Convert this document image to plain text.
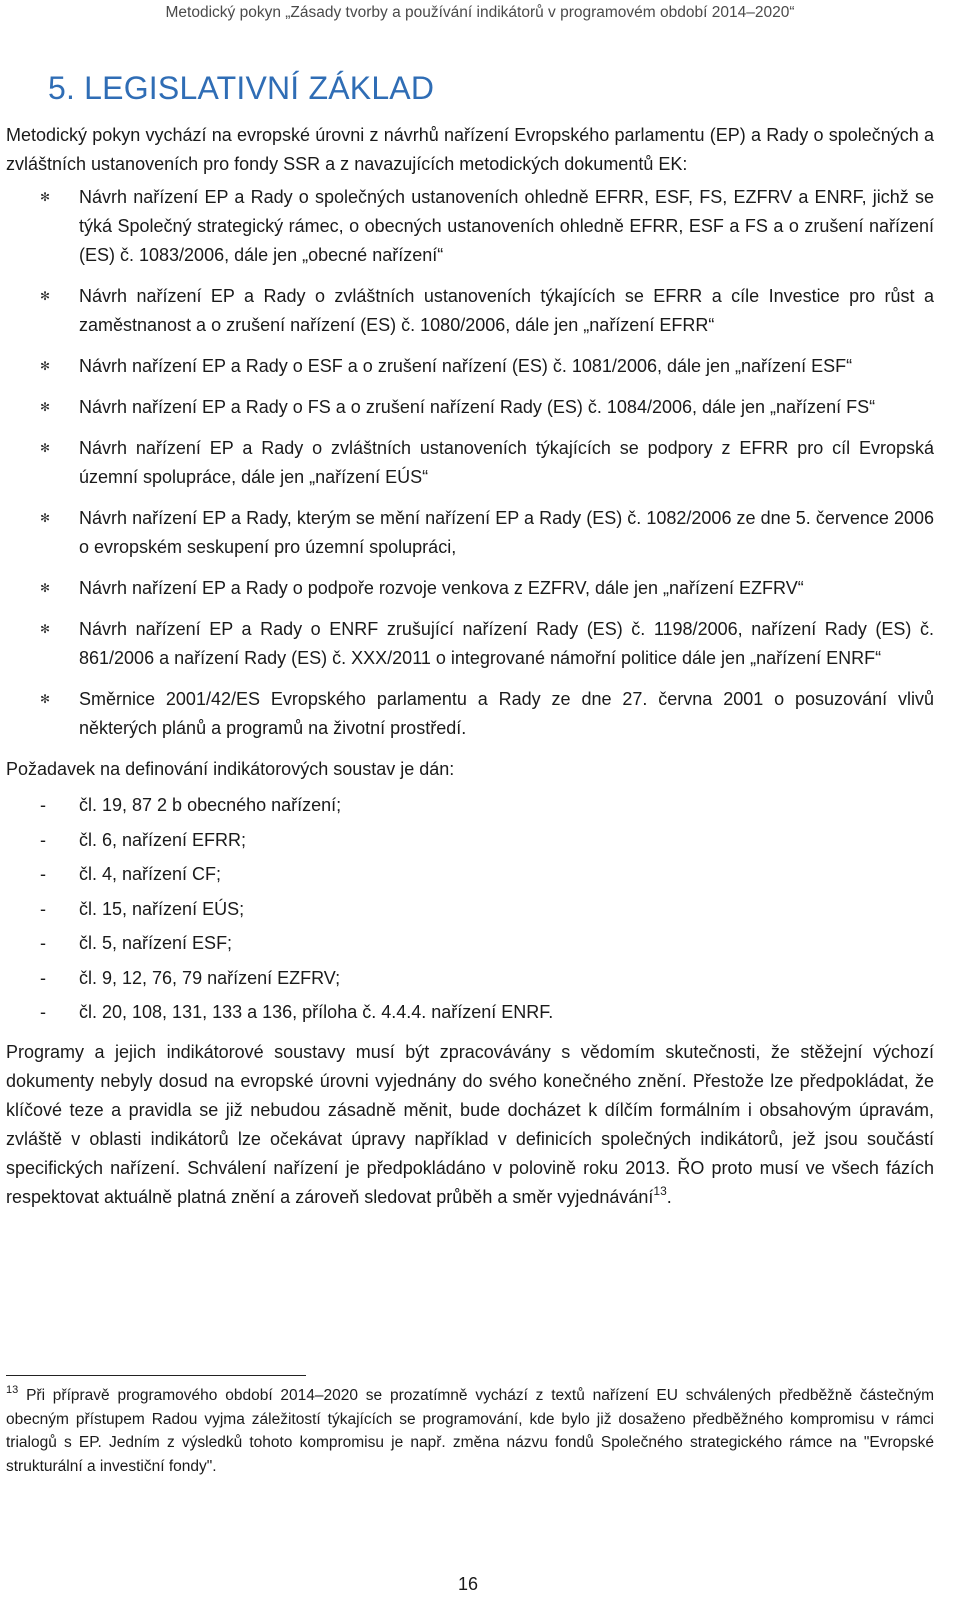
Metodický pokyn „Zásady tvorby a používání indikátorů v programovém období 2014–2020“
5. LEGISLATIVNÍ ZÁKLAD

Metodický pokyn vychází na evropské úrovni z návrhů nařízení Evropského parlamentu (EP) a Rady o společných a zvláštních ustanoveních pro fondy SSR a z navazujících metodických dokumentů EK:

✻ Návrh nařízení EP a Rady o společných ustanoveních ohledně EFRR, ESF, FS, EZFRV a ENRF, jichž se týká Společný strategický rámec, o obecných ustanoveních ohledně EFRR, ESF a FS a o zrušení nařízení (ES) č. 1083/2006, dále jen „obecné nařízení“
✻ Návrh nařízení EP a Rady o zvláštních ustanoveních týkajících se EFRR a cíle Investice pro růst a zaměstnanost a o zrušení nařízení (ES) č. 1080/2006, dále jen „nařízení EFRR“
✻ Návrh nařízení EP a Rady o ESF a o zrušení nařízení (ES) č. 1081/2006, dále jen „nařízení ESF“
✻ Návrh nařízení EP a Rady o FS a o zrušení nařízení Rady (ES) č. 1084/2006, dále jen „nařízení FS“
✻ Návrh nařízení EP a Rady o zvláštních ustanoveních týkajících se podpory z EFRR pro cíl Evropská územní spolupráce, dále jen „nařízení EÚS“
✻ Návrh nařízení EP a Rady, kterým se mění nařízení EP a Rady (ES) č. 1082/2006 ze dne 5. července 2006 o evropském seskupení pro územní spolupráci,
✻ Návrh nařízení EP a Rady o podpoře rozvoje venkova z EZFRV, dále jen „nařízení EZFRV“
✻ Návrh nařízení EP a Rady o ENRF zrušující nařízení Rady (ES) č. 1198/2006, nařízení Rady (ES) č. 861/2006 a nařízení Rady (ES) č. XXX/2011 o integrované námořní politice dále jen „nařízení ENRF“
✻ Směrnice 2001/42/ES Evropského parlamentu a Rady ze dne 27. června 2001 o posuzování vlivů některých plánů a programů na životní prostředí.

Požadavek na definování indikátorových soustav je dán:

- čl. 19, 87 2 b obecného nařízení;
- čl. 6, nařízení EFRR;
- čl. 4, nařízení CF;
- čl. 15, nařízení EÚS;
- čl. 5, nařízení ESF;
- čl. 9, 12, 76, 79 nařízení EZFRV;
- čl. 20, 108, 131, 133 a 136, příloha č. 4.4.4. nařízení ENRF.

Programy a jejich indikátorové soustavy musí být zpracovávány s vědomím skutečnosti, že stěžejní výchozí dokumenty nebyly dosud na evropské úrovni vyjednány do svého konečného znění. Přestože lze předpokládat, že klíčové teze a pravidla se již nebudou zásadně měnit, bude docházet k dílčím formálním i obsahovým úpravám, zvláště v oblasti indikátorů lze očekávat úpravy například v definicích společných indikátorů, jež jsou součástí specifických nařízení. Schválení nařízení je předpokládáno v polovině roku 2013. ŘO proto musí ve všech fázích respektovat aktuálně platná znění a zároveň sledovat průběh a směr vyjednávání$^{13}$.

$^{13}$ Při přípravě programového období 2014–2020 se prozatímně vychází z textů nařízení EU schválených předběžně částečným obecným přístupem Radou vyjma záležitostí týkajících se programování, kde bylo již dosaženo předběžného kompromisu v rámci trialogů s EP. Jedním z výsledků tohoto kompromisu je např. změna názvu fondů Společného strategického rámce na "Evropské strukturální a investiční fondy".
16
